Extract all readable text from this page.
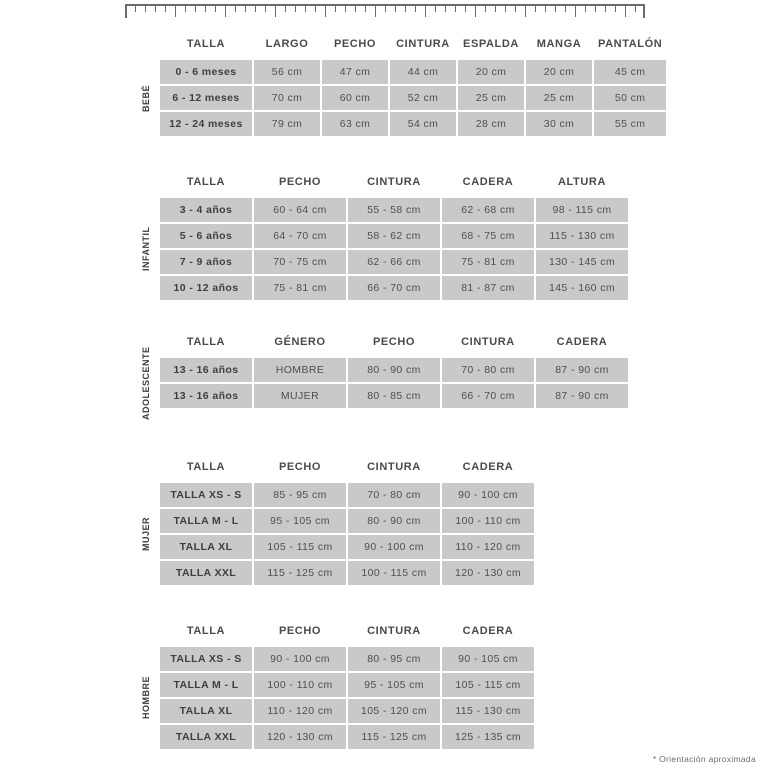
TALLA	LARGO	PECHO	CINTURA	ESPALDA	MANGA	PANTALÓN
0 - 6 meses	56 cm	47 cm	44 cm	20 cm	20 cm	45 cm
6 - 12 meses	70 cm	60 cm	52 cm	25 cm	25 cm	50 cm
12 - 24 meses	79 cm	63 cm	54 cm	28 cm	30 cm	55 cm
BEBÉ
TALLA	PECHO	CINTURA	CADERA	ALTURA
3 - 4 años	60 - 64 cm	55 - 58 cm	62 - 68 cm	98 - 115 cm
5 - 6 años	64 - 70 cm	58 - 62 cm	68 - 75 cm	115 - 130 cm
7 - 9 años	70 - 75 cm	62 - 66 cm	75 - 81 cm	130 - 145 cm
10 - 12 años	75 - 81 cm	66 - 70 cm	81 - 87 cm	145 - 160 cm
INFANTIL
TALLA	GÉNERO	PECHO	CINTURA	CADERA
13 - 16 años	HOMBRE	80 - 90 cm	70 - 80 cm	87 - 90 cm
13 - 16 años	MUJER	80 - 85 cm	66 - 70 cm	87 - 90 cm
ADOLESCENTE
TALLA	PECHO	CINTURA	CADERA
TALLA XS - S	85 - 95 cm	70 - 80 cm	90 - 100 cm
TALLA M - L	95 - 105 cm	80 - 90 cm	100 - 110 cm
TALLA XL	105 - 115 cm	90 - 100 cm	110 - 120 cm
TALLA XXL	115 - 125 cm	100 - 115 cm	120 - 130 cm
MUJER
TALLA	PECHO	CINTURA	CADERA
TALLA XS - S	90 - 100 cm	80 - 95 cm	90 - 105 cm
TALLA M - L	100 - 110 cm	95 - 105 cm	105 - 115 cm
TALLA XL	110 - 120 cm	105 - 120 cm	115 - 130 cm
TALLA XXL	120 - 130 cm	115 - 125 cm	125 - 135 cm
HOMBRE
* Orientación aproximada
